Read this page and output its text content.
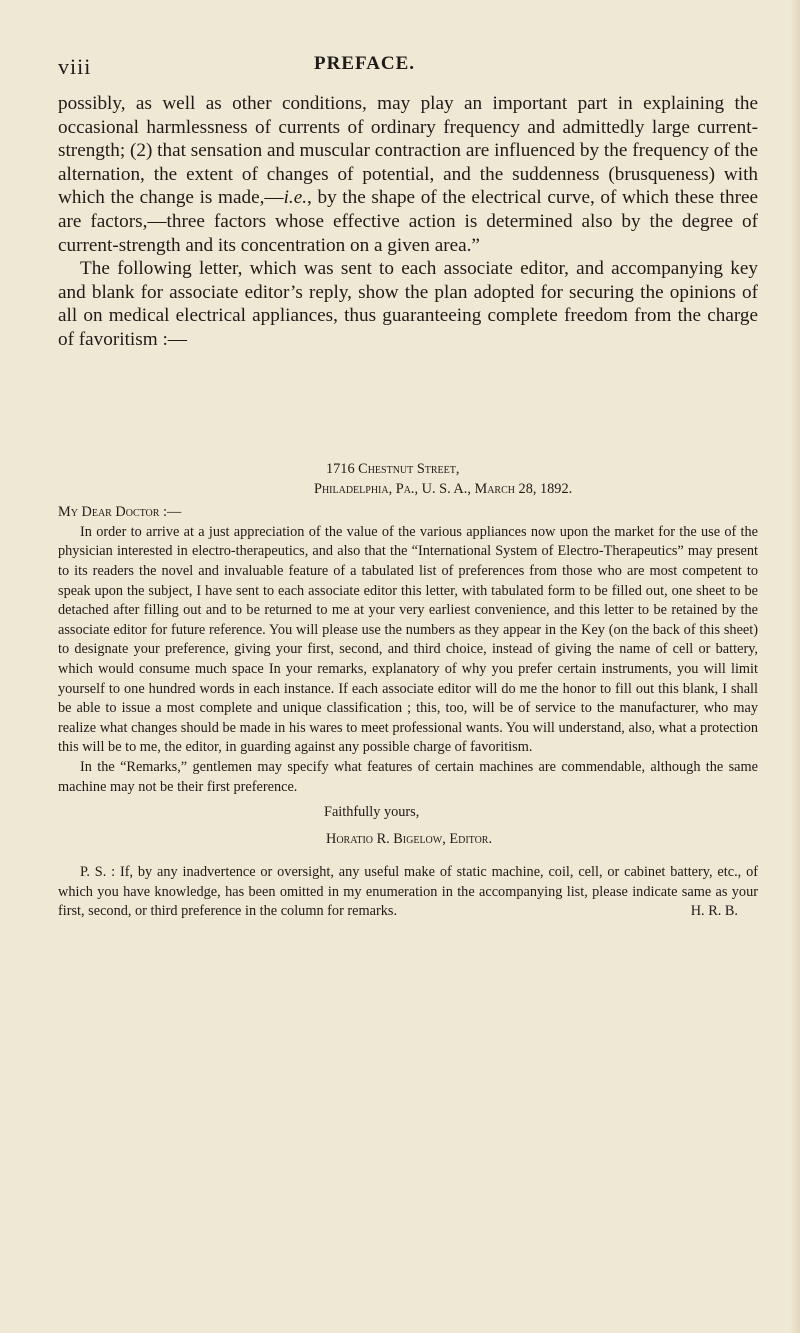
viii	PREFACE.

possibly, as well as other conditions, may play an important part in explaining the occasional harmlessness of currents of ordinary frequency and admittedly large current-strength; (2) that sensation and muscular contraction are influenced by the frequency of the alternation, the extent of changes of potential, and the suddenness (brusqueness) with which the change is made,—i.e., by the shape of the electrical curve, of which these three are factors,—three factors whose effective action is determined also by the degree of current-strength and its concentration on a given area.”

The following letter, which was sent to each associate editor, and accompanying key and blank for associate editor’s reply, show the plan adopted for securing the opinions of all on medical electrical appliances, thus guaranteeing complete freedom from the charge of favoritism :—

1716 Chestnut Street,

Philadelphia, Pa., U. S. A., March 28, 1892.

My Dear Doctor :—

In order to arrive at a just appreciation of the value of the various appliances now upon the market for the use of the physician interested in electro-therapeutics, and also that the “International System of Electro-Therapeutics” may present to its readers the novel and invaluable feature of a tabulated list of preferences from those who are most competent to speak upon the subject, I have sent to each associate editor this letter, with tabulated form to be filled out, one sheet to be detached after filling out and to be returned to me at your very earliest convenience, and this letter to be retained by the associate editor for future reference. You will please use the numbers as they appear in the Key (on the back of this sheet) to designate your preference, giving your first, second, and third choice, instead of giving the name of cell or battery, which would consume much space In your remarks, explanatory of why you prefer certain instruments, you will limit yourself to one hundred words in each instance. If each associate editor will do me the honor to fill out this blank, I shall be able to issue a most complete and unique classification ; this, too, will be of service to the manufacturer, who may realize what changes should be made in his wares to meet professional wants. You will understand, also, what a protection this will be to me, the editor, in guarding against any possible charge of favoritism.

In the “Remarks,” gentlemen may specify what features of certain machines are commendable, although the same machine may not be their first preference.

Faithfully yours,

Horatio R. Bigelow, Editor.

P. S. : If, by any inadvertence or oversight, any useful make of static machine, coil, cell, or cabinet battery, etc., of which you have knowledge, has been omitted in my enumeration in the accompanying list, please indicate same as your first, second, or third preference in the column for remarks.	H. R. B.
